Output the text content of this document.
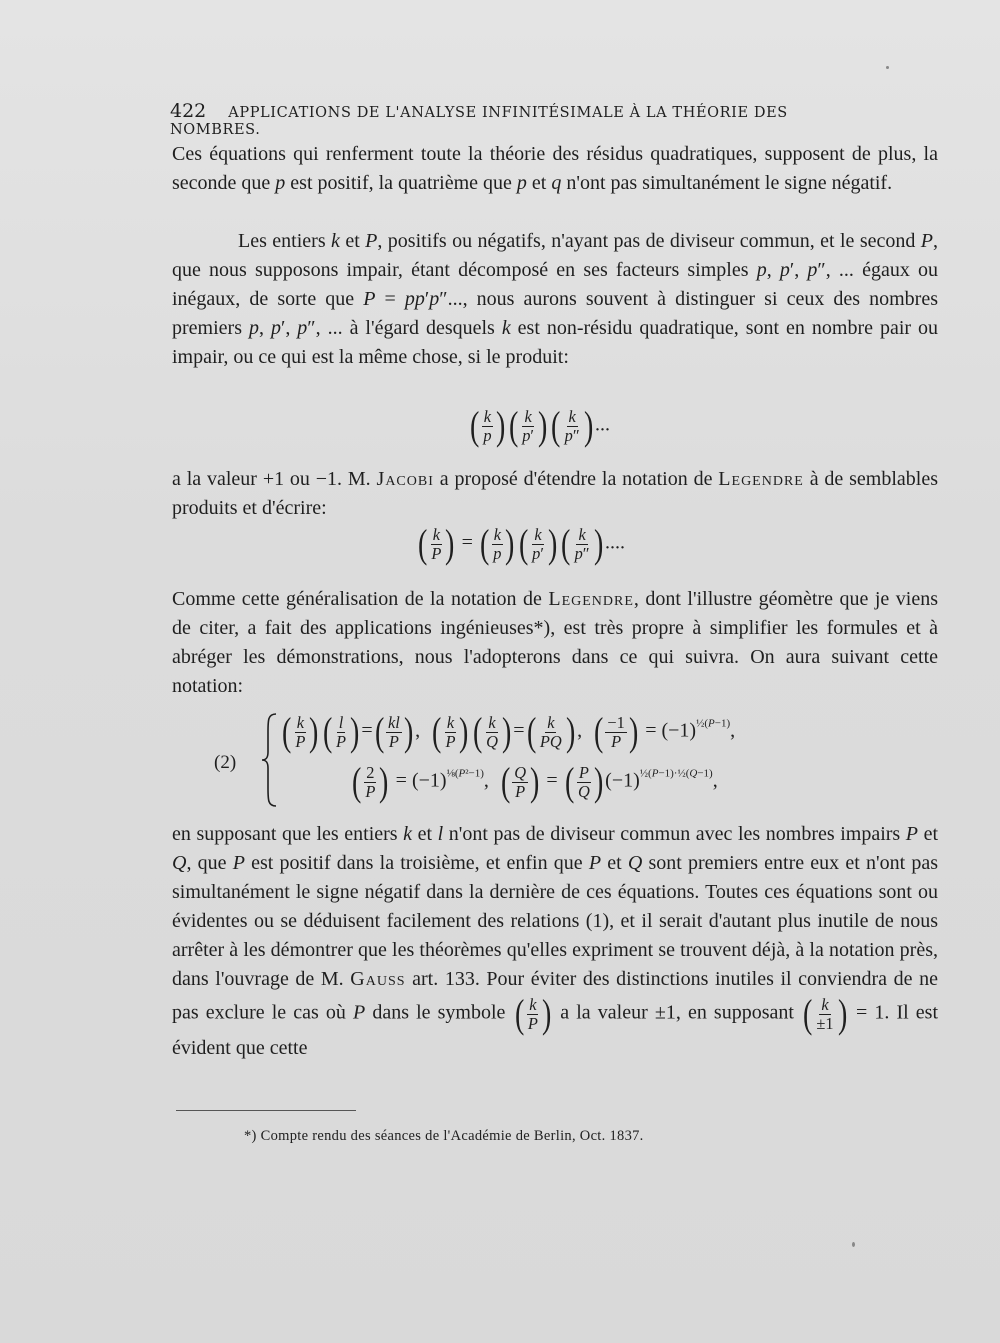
422 APPLICATIONS DE L'ANALYSE INFINITÉSIMALE À LA THÉORIE DES NOMBRES.

Ces équations qui renferment toute la théorie des résidus quadratiques, supposent de plus, la seconde que p est positif, la quatrième que p et q n'ont pas simultanément le signe négatif.

Les entiers k et P, positifs ou négatifs, n'ayant pas de diviseur commun, et le second P, que nous supposons impair, étant décomposé en ses facteurs simples p, p′, p″, ... égaux ou inégaux, de sorte que P = pp′p″..., nous aurons souvent à distinguer si ceux des nombres premiers p, p′, p″, ... à l'égard desquels k est non-résidu quadratique, sont en nombre pair ou impair, ou ce qui est la même chose, si le produit:

( $\frac{k}{p}$ ) ( $\frac{k}{p'}$ ) ( $\frac{k}{p''}$ ) ...

a la valeur +1 ou −1. M. Jacobi a proposé d'étendre la notation de Legendre à de semblables produits et d'écrire:

( $\frac{k}{P}$ ) = ( $\frac{k}{p}$ ) ( $\frac{k}{p'}$ ) ( $\frac{k}{p''}$ ) ....

Comme cette généralisation de la notation de Legendre, dont l'illustre géomètre que je viens de citer, a fait des applications ingénieuses*), est très propre à simplifier les formules et à abréger les démonstrations, nous l'adopterons dans ce qui suivra. On aura suivant cette notation:

(2)
( $\frac{k}{P}$ ) ( $\frac{l}{P}$ ) = ( $\frac{kl}{P}$ ) , ( $\frac{k}{P}$ ) ( $\frac{k}{Q}$ ) = ( $\frac{k}{PQ}$ ) , ( $\frac{-1}{P}$ ) = $(-1)^{\frac{1}{2}(P-1)}$,
( $\frac{2}{P}$ ) = $(-1)^{\frac{1}{8}(P^2-1)}$, ( $\frac{Q}{P}$ ) = ( $\frac{P}{Q}$ ) $(-1)^{\frac{1}{2}(P-1)\cdot\frac{1}{2}(Q-1)}$,

en supposant que les entiers k et l n'ont pas de diviseur commun avec les nombres impairs P et Q, que P est positif dans la troisième, et enfin que P et Q sont premiers entre eux et n'ont pas simultanément le signe négatif dans la dernière de ces équations. Toutes ces équations sont ou évidentes ou se déduisent facilement des relations (1), et il serait d'autant plus inutile de nous arrêter à les démontrer que les théorèmes qu'elles expriment se trouvent déjà, à la notation près, dans l'ouvrage de M. Gauss art. 133. Pour éviter des distinctions inutiles il conviendra de ne pas exclure le cas où P dans le symbole ( $\frac{k}{P}$ ) a la valeur ±1, en supposant ( $\frac{k}{\pm 1}$ ) = 1. Il est évident que cette

*) Compte rendu des séances de l'Académie de Berlin, Oct. 1837.
